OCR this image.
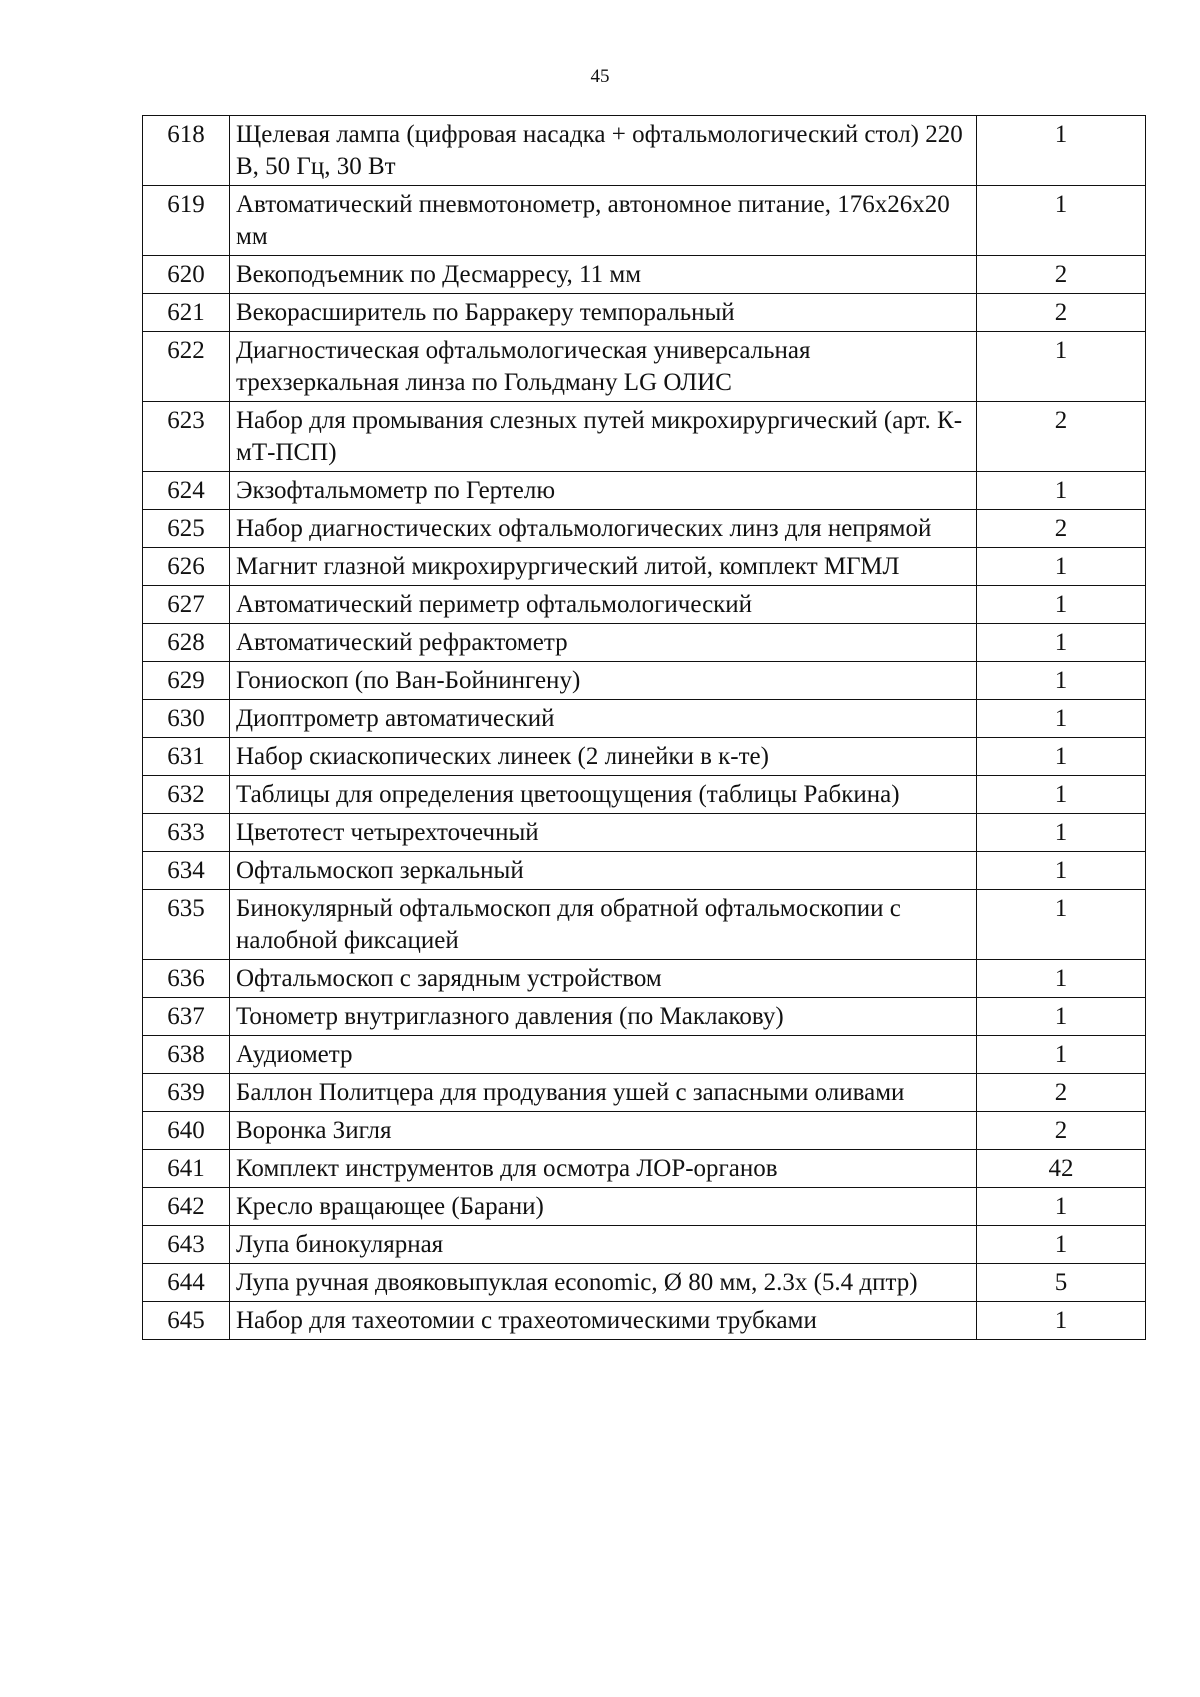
45
618	Щелевая лампа (цифровая насадка + офтальмологический стол) 220 В, 50 Гц, 30 Вт	1
619	Автоматический пневмотонометр, автономное питание, 176х26х20 мм	1
620	Векоподъемник по Десмарресу, 11 мм	2
621	Векорасширитель по Барракеру темпоральный	2
622	Диагностическая офтальмологическая универсальная трехзеркальная линза по Гольдману LG ОЛИС	1
623	Набор для промывания слезных путей микрохирургический (арт. К-мТ-ПСП)	2
624	Экзофтальмометр по Гертелю	1
625	Набор диагностических офтальмологических линз для непрямой	2
626	Магнит глазной микрохирургический литой, комплект МГМЛ	1
627	Автоматический периметр офтальмологический	1
628	Автоматический рефрактометр	1
629	Гониоскоп (по Ван-Бойнингену)	1
630	Диоптрометр автоматический	1
631	Набор скиаскопических линеек (2 линейки в к-те)	1
632	Таблицы для определения цветоощущения (таблицы Рабкина)	1
633	Цветотест четырехточечный	1
634	Офтальмоскоп зеркальный	1
635	Бинокулярный офтальмоскоп для обратной офтальмоскопии с налобной фиксацией	1
636	Офтальмоскоп с зарядным устройством	1
637	Тонометр внутриглазного давления (по Маклакову)	1
638	Аудиометр	1
639	Баллон Политцера для продувания ушей с запасными оливами	2
640	Воронка Зигля	2
641	Комплект инструментов для осмотра ЛОР-органов	42
642	Кресло вращающее (Барани)	1
643	Лупа бинокулярная	1
644	Лупа ручная двояковыпуклая economic, Ø 80 мм, 2.3x (5.4 дптр)	5
645	Набор для тахеотомии с трахеотомическими трубками	1
